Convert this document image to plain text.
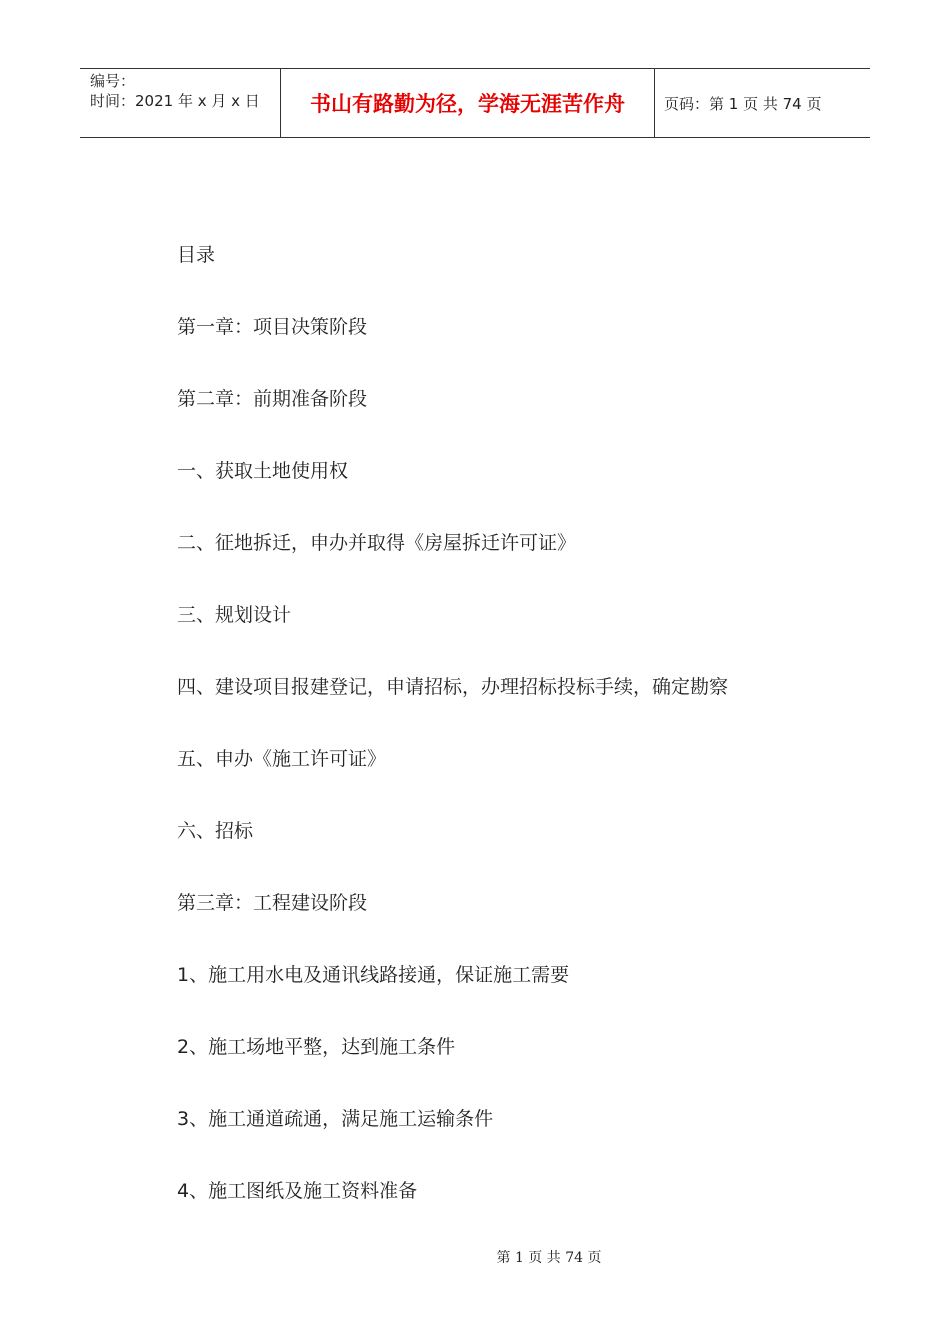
编号：
时间：2021 年 x 月 x 日	书山有路勤为径，学海无涯苦作舟	页码：第 1 页 共 74 页
目录
第一章：项目决策阶段
第二章：前期准备阶段
一、获取土地使用权
二、征地拆迁，申办并取得《房屋拆迁许可证》
三、规划设计
四、建设项目报建登记，申请招标，办理招标投标手续，确定勘察
五、申办《施工许可证》
六、招标
第三章：工程建设阶段
1、施工用水电及通讯线路接通，保证施工需要
2、施工场地平整，达到施工条件
3、施工通道疏通，满足施工运输条件
4、施工图纸及施工资料准备
第 1 页 共 74 页
